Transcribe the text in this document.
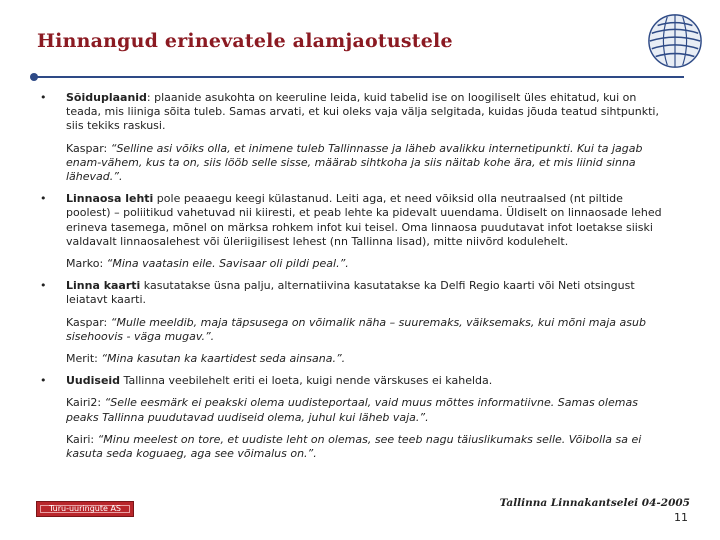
Hinnangud erinevatele alamjaotustele
• Sõiduplaanid: plaanide asukohta on keeruline leida, kuid tabelid ise on loogiliselt üles ehitatud, kui on teada, mis liiniga sõita tuleb. Samas arvati, et kui oleks vaja välja selgitada, kuidas jõuda teatud sihtpunkti, siis tekiks raskusi.
Kaspar: “Selline asi võiks olla, et inimene tuleb Tallinnasse ja läheb avalikku internetipunkti. Kui ta jagab enam-vähem, kus ta on, siis lööb selle sisse, määrab sihtkoha ja siis näitab kohe ära, et mis liinid sinna lähevad.”.
• Linnaosa lehti pole peaaegu keegi külastanud. Leiti aga, et need võiksid olla neutraalsed (nt piltide poolest) – poliitikud vahetuvad nii kiiresti, et peab lehte ka pidevalt uuendama. Üldiselt on linnaosade lehed erineva tasemega, mõnel on märksa rohkem infot kui teisel. Oma linnaosa puudutavat infot loetakse siiski valdavalt linnaosalehest või üleriigilisest lehest (nn Tallinna lisad), mitte niivõrd kodulehelt.
Marko: “Mina vaatasin eile. Savisaar oli pildi peal.”.
• Linna kaarti kasutatakse üsna palju, alternatiivina kasutatakse ka Delfi Regio kaarti või Neti otsingust leiatavt kaarti.
Kaspar: “Mulle meeldib, maja täpsusega on võimalik näha – suuremaks, väiksemaks, kui mõni maja asub sisehoovis - väga mugav.”.
Merit: “Mina kasutan ka kaartidest seda ainsana.”.
• Uudiseid Tallinna veebilehelt eriti ei loeta, kuigi nende värskuses ei kahelda.
Kairi2: “Selle eesmärk ei peakski olema uudisteportaal, vaid muus mõttes informatiivne. Samas olemas peaks Tallinna puudutavad uudiseid olema, juhul kui läheb vaja.”.
Kairi: “Minu meelest on tore, et uudiste leht on olemas, see teeb nagu täiuslikumaks selle. Võibolla sa ei kasuta seda koguaeg, aga see võimalus on.”.
Turu-uuringute AS	Tallinna Linnakantselei 04-2005
11
